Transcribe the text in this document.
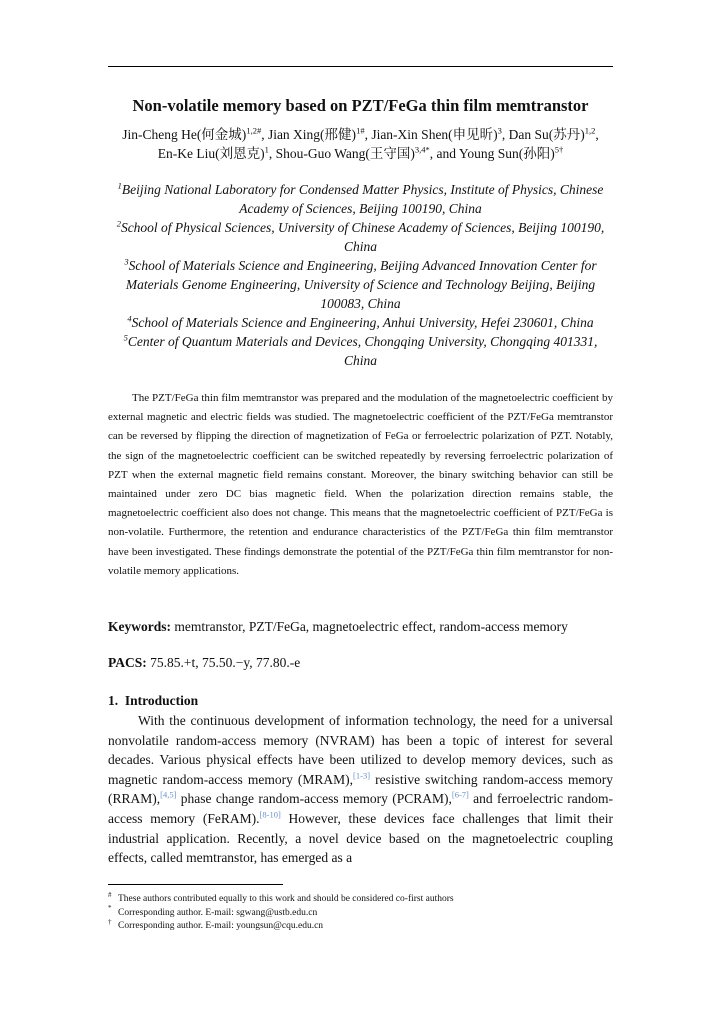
Non-volatile memory based on PZT/FeGa thin film memtranstor
Jin-Cheng He(何金城)$^{1,2\#}$, Jian Xing(邢健)$^{1\#}$, Jian-Xin Shen(申见昕)$^3$, Dan Su(苏丹)$^{1,2}$, En-Ke Liu(刘恩克)$^1$, Shou-Guo Wang(王守国)$^{3,4*}$, and Young Sun(孙阳)$^{5\dagger}$

$^1$Beijing National Laboratory for Condensed Matter Physics, Institute of Physics, Chinese Academy of Sciences, Beijing 100190, China

$^2$School of Physical Sciences, University of Chinese Academy of Sciences, Beijing 100190, China

$^3$School of Materials Science and Engineering, Beijing Advanced Innovation Center for Materials Genome Engineering, University of Science and Technology Beijing, Beijing 100083, China

$^4$School of Materials Science and Engineering, Anhui University, Hefei 230601, China

$^5$Center of Quantum Materials and Devices, Chongqing University, Chongqing 401331, China

The PZT/FeGa thin film memtranstor was prepared and the modulation of the magnetoelectric coefficient by external magnetic and electric fields was studied. The magnetoelectric coefficient of the PZT/FeGa memtranstor can be reversed by flipping the direction of magnetization of FeGa or ferroelectric polarization of PZT. Notably, the sign of the magnetoelectric coefficient can be switched repeatedly by reversing ferroelectric polarization of PZT when the external magnetic field remains constant. Moreover, the binary switching behavior can still be maintained under zero DC bias magnetic field. When the polarization direction remains stable, the magnetoelectric coefficient also does not change. This means that the magnetoelectric coefficient of PZT/FeGa is non-volatile. Furthermore, the retention and endurance characteristics of the PZT/FeGa thin film memtranstor have been investigated. These findings demonstrate the potential of the PZT/FeGa thin film memtranstor for non-volatile memory applications.

Keywords: memtranstor, PZT/FeGa, magnetoelectric effect, random-access memory
PACS: 75.85.+t, 75.50.−y, 77.80.-e
1. Introduction

With the continuous development of information technology, the need for a universal nonvolatile random-access memory (NVRAM) has been a topic of interest for several decades. Various physical effects have been utilized to develop memory devices, such as magnetic random-access memory (MRAM),[1-3] resistive switching random-access memory (RRAM),[4,5] phase change random-access memory (PCRAM),[6-7] and ferroelectric random-access memory (FeRAM).[8-10] However, these devices face challenges that limit their industrial application. Recently, a novel device based on the magnetoelectric coupling effects, called memtranstor, has emerged as a

# These authors contributed equally to this work and should be considered co-first authors

* Corresponding author. E-mail: sgwang@ustb.edu.cn

† Corresponding author. E-mail: youngsun@cqu.edu.cn
